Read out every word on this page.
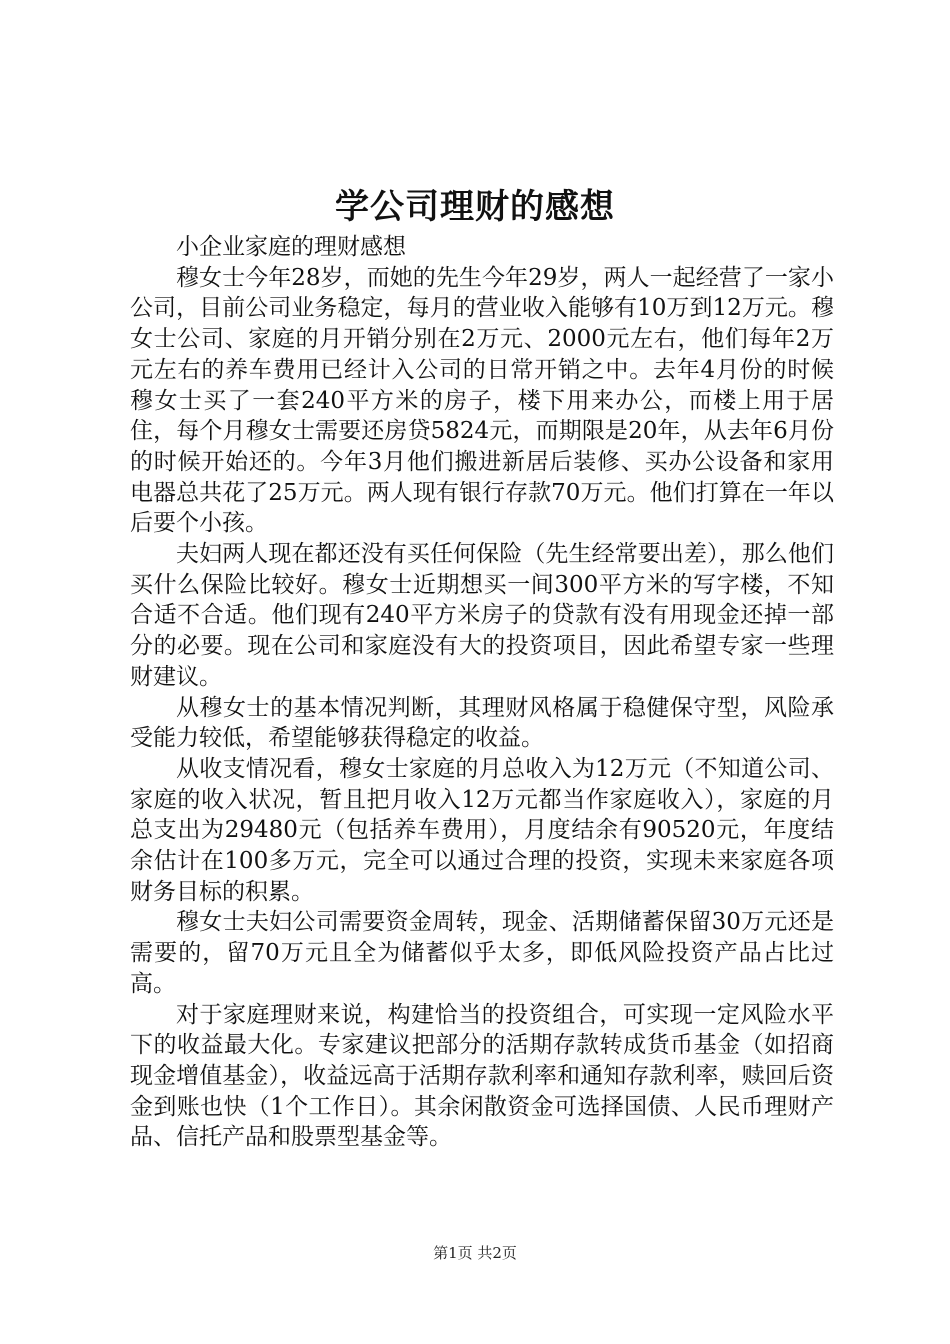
学公司理财的感想

小企业家庭的理财感想

穆女士今年28岁，而她的先生今年29岁，两人一起经营了一家小公司，目前公司业务稳定，每月的营业收入能够有10万到12万元。穆女士公司、家庭的月开销分别在2万元、2000元左右，他们每年2万元左右的养车费用已经计入公司的日常开销之中。去年4月份的时候穆女士买了一套240平方米的房子，楼下用来办公，而楼上用于居住，每个月穆女士需要还房贷5824元，而期限是20年，从去年6月份的时候开始还的。今年3月他们搬进新居后装修、买办公设备和家用电器总共花了25万元。两人现有银行存款70万元。他们打算在一年以后要个小孩。

夫妇两人现在都还没有买任何保险（先生经常要出差），那么他们买什么保险比较好。穆女士近期想买一间300平方米的写字楼，不知合适不合适。他们现有240平方米房子的贷款有没有用现金还掉一部分的必要。现在公司和家庭没有大的投资项目，因此希望专家一些理财建议。

从穆女士的基本情况判断，其理财风格属于稳健保守型，风险承受能力较低，希望能够获得稳定的收益。

从收支情况看，穆女士家庭的月总收入为12万元（不知道公司、家庭的收入状况，暂且把月收入12万元都当作家庭收入），家庭的月总支出为29480元（包括养车费用），月度结余有90520元，年度结余估计在100多万元，完全可以通过合理的投资，实现未来家庭各项财务目标的积累。

穆女士夫妇公司需要资金周转，现金、活期储蓄保留30万元还是需要的，留70万元且全为储蓄似乎太多，即低风险投资产品占比过高。

对于家庭理财来说，构建恰当的投资组合，可实现一定风险水平下的收益最大化。专家建议把部分的活期存款转成货币基金（如招商现金增值基金），收益远高于活期存款利率和通知存款利率，赎回后资金到账也快（1个工作日）。其余闲散资金可选择国债、人民币理财产品、信托产品和股票型基金等。

第1页 共2页
